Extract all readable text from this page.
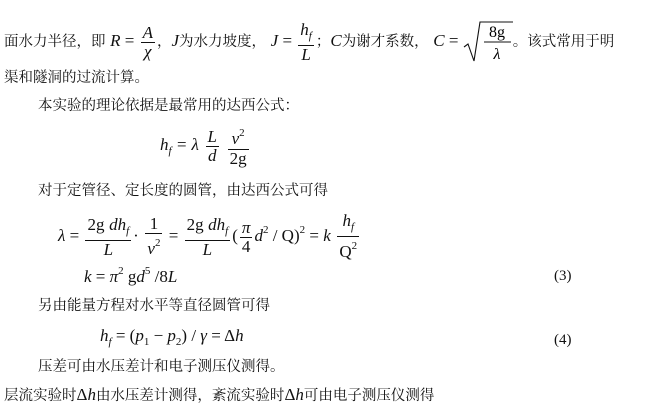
面水力半径，即 $R = \frac{A}{\chi}$ ，J为水力坡度， $J = \frac{h_f}{L}$ ；C为谢才系数， C = 8g
λ
。该式常用于明
渠和隧洞的过流计算。
本实验的理论依据是最常用的达西公式：
$h_f = \lambda \frac{L}{d}$
$\frac{v^2}{2g}$
对于定管径、定长度的圆管，由达西公式可得
$\lambda = \frac{2g dh_f}{L} \cdot \frac{1}{v^2} = \frac{2g dh_f}{L}$ ( $\frac{\pi}{4} d^2 / Q)^2 = k \frac{h_f}{Q^2}$
$k = \pi^2$ $gd^5$ /8L	(3)
另由能量方程对水平等直径圆管可得
$h_f = (p_1 - p_2) / \gamma = \Delta h$	(4)
压差可由水压差计和电子测压仪测得。
层流实验时Δh由水压差计测得，紊流实验时Δh可由电子测压仪测得
